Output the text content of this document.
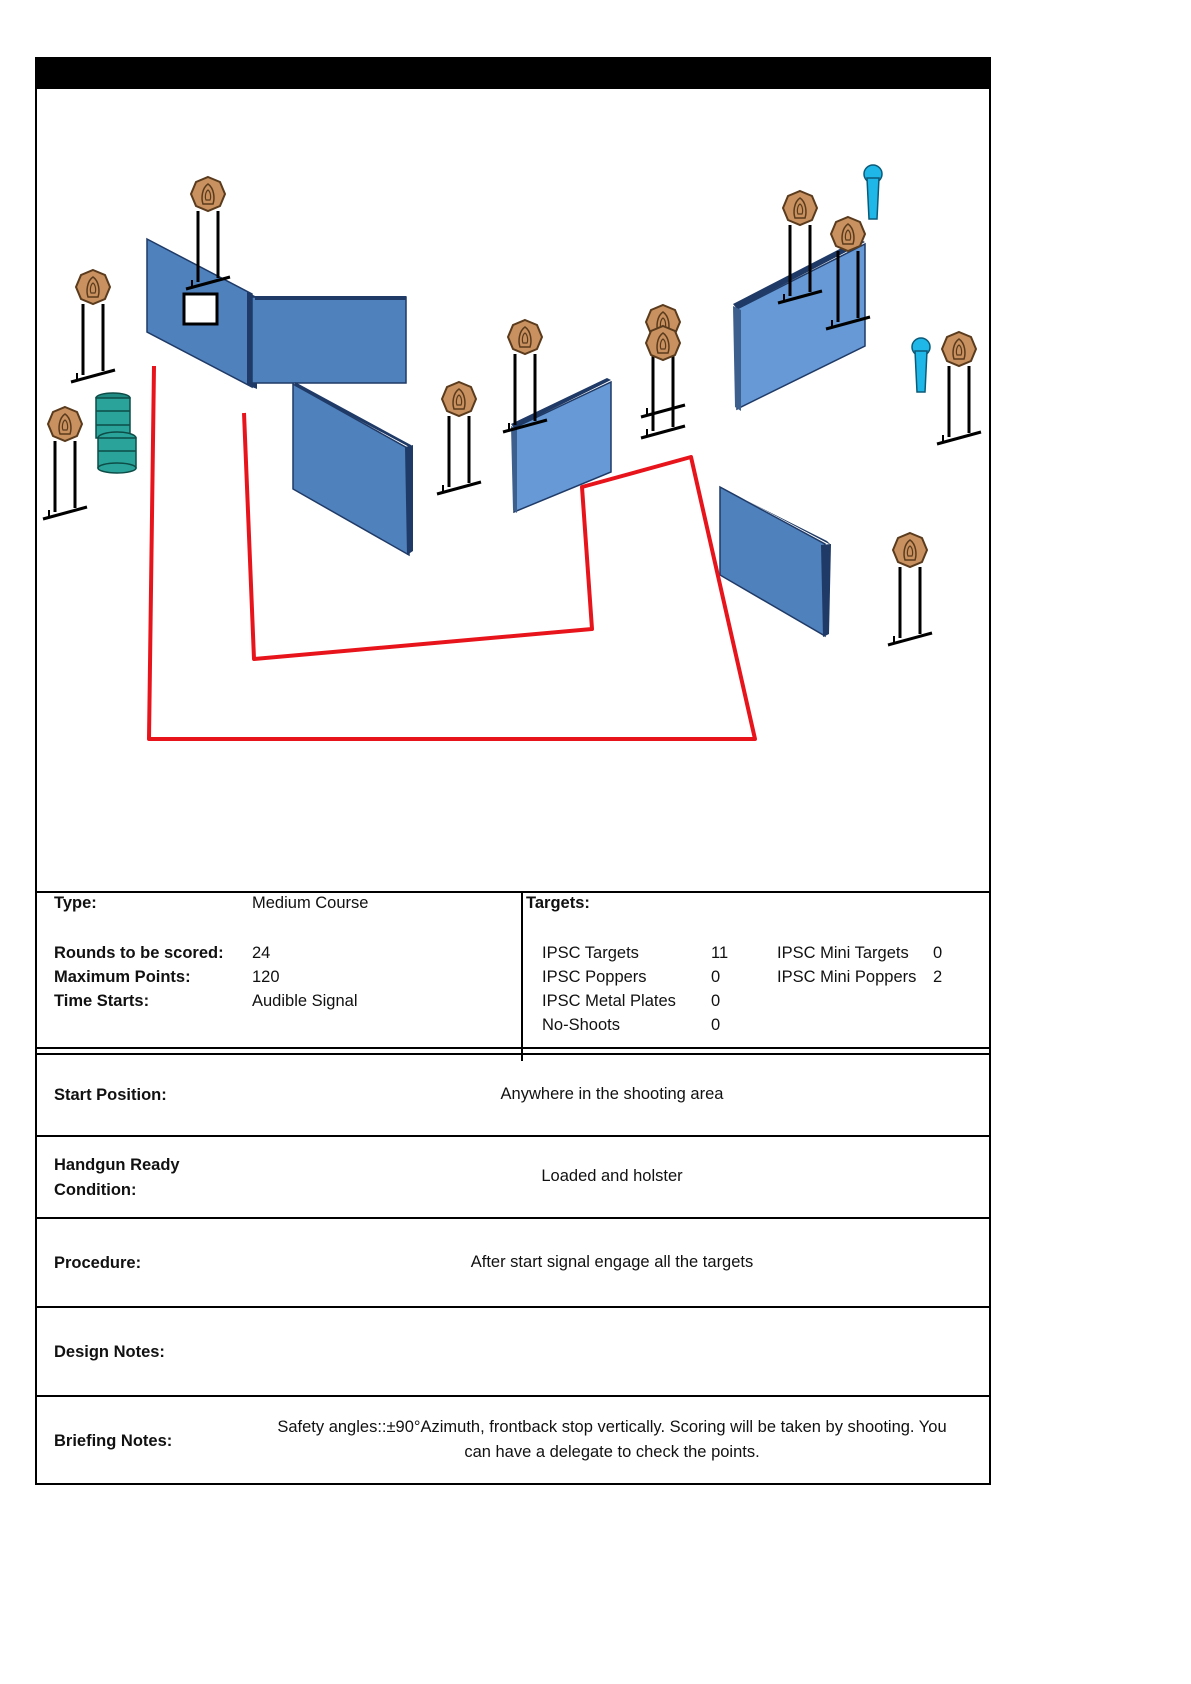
Type:	Medium Course
Rounds to be scored: 24
Maximum Points:	120
Time Starts:	Audible Signal
Targets:
IPSC Targets	11
IPSC Poppers	0
IPSC Metal Plates 0
No-Shoots	0
IPSC Mini Targets 0
IPSC Mini Poppers 2
Start Position:	Anywhere in the shooting area
Handgun Ready
Condition:
Loaded and holster
Procedure:	After start signal engage all the targets
Design Notes:
Briefing Notes:
Safety angles::±90°Azimuth, frontback stop vertically. Scoring will be taken by shooting. You
can have a delegate to check the points.
